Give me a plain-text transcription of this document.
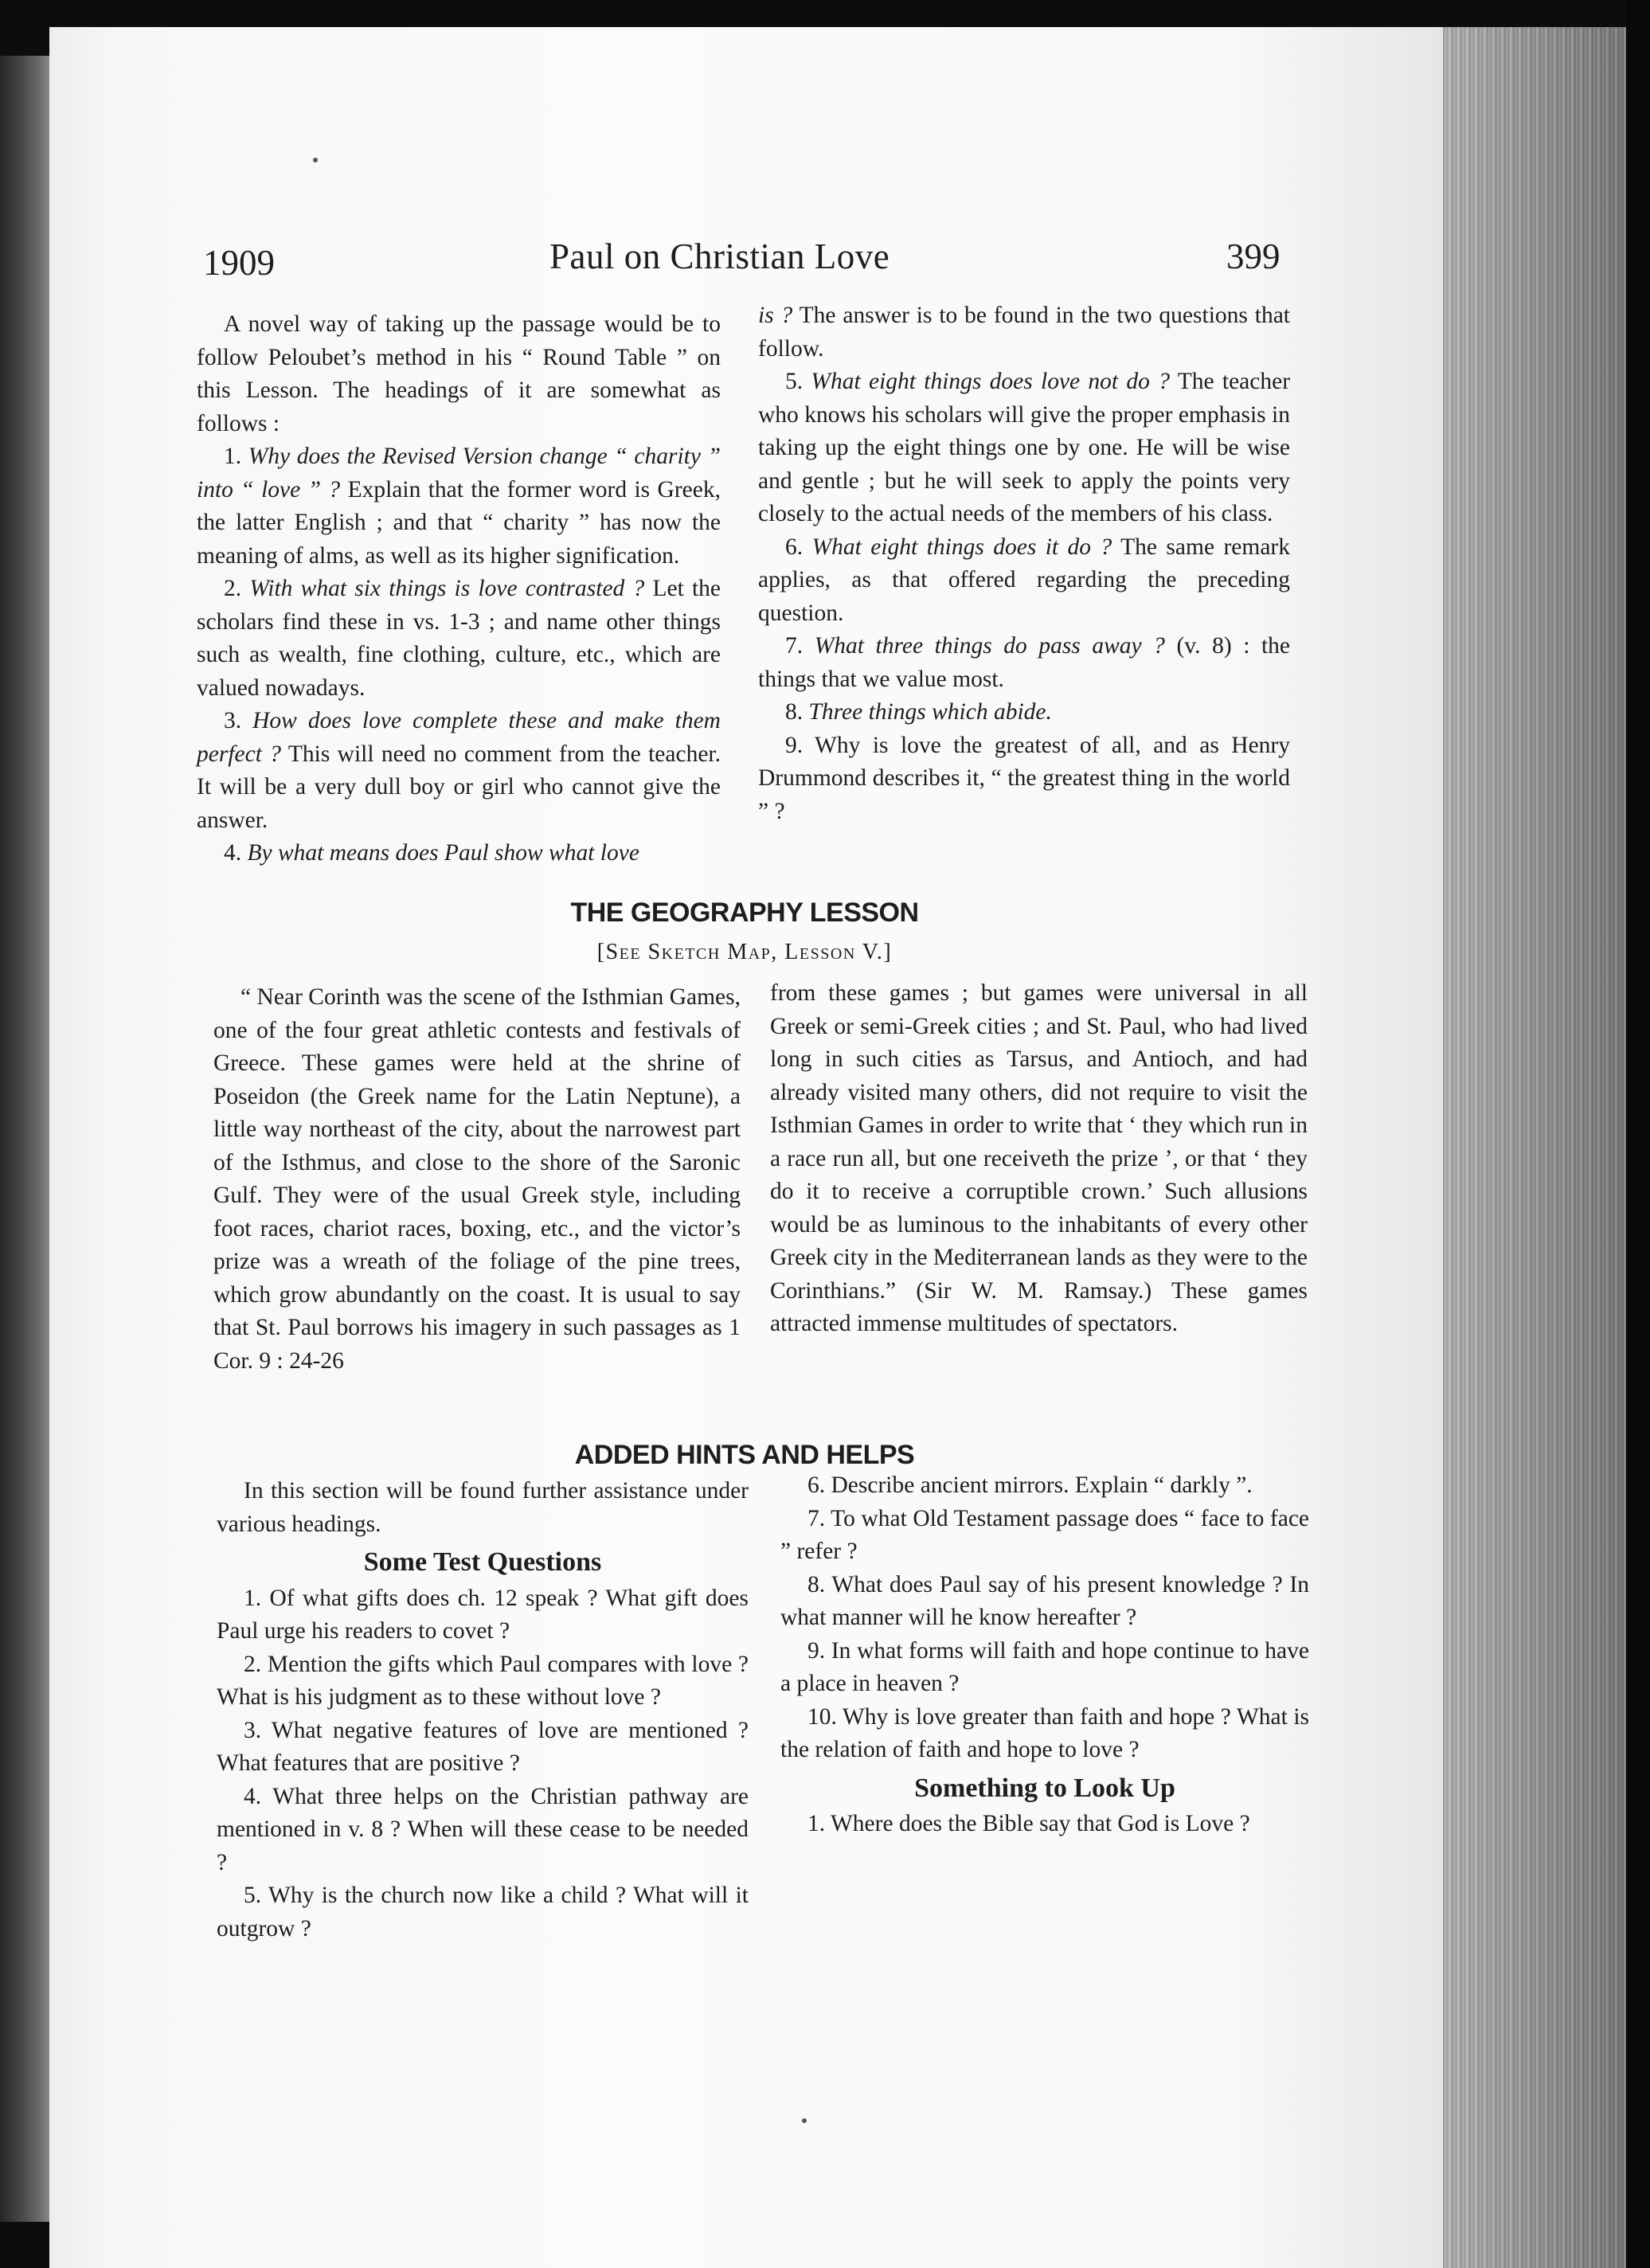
1909	Paul on Christian Love	399

A novel way of taking up the passage would be to follow Peloubet’s method in his “ Round Table ” on this Lesson. The headings of it are somewhat as follows :

1. Why does the Revised Version change “ charity ” into “ love ” ? Explain that the former word is Greek, the latter English ; and that “ charity ” has now the meaning of alms, as well as its higher signification.

2. With what six things is love contrasted ? Let the scholars find these in vs. 1-3 ; and name other things such as wealth, fine clothing, culture, etc., which are valued nowadays.

3. How does love complete these and make them perfect ? This will need no comment from the teacher. It will be a very dull boy or girl who cannot give the answer.

4. By what means does Paul show what love

is ? The answer is to be found in the two questions that follow.

5. What eight things does love not do ? The teacher who knows his scholars will give the proper emphasis in taking up the eight things one by one. He will be wise and gentle ; but he will seek to apply the points very closely to the actual needs of the members of his class.

6. What eight things does it do ? The same remark applies, as that offered regarding the preceding question.

7. What three things do pass away ? (v. 8) : the things that we value most.

8. Three things which abide.

9. Why is love the greatest of all, and as Henry Drummond describes it, “ the greatest thing in the world ” ?

THE GEOGRAPHY LESSON
[See Sketch Map, Lesson V.]

“ Near Corinth was the scene of the Isthmian Games, one of the four great athletic contests and festivals of Greece. These games were held at the shrine of Poseidon (the Greek name for the Latin Neptune), a little way northeast of the city, about the narrowest part of the Isthmus, and close to the shore of the Saronic Gulf. They were of the usual Greek style, including foot races, chariot races, boxing, etc., and the victor’s prize was a wreath of the foliage of the pine trees, which grow abundantly on the coast. It is usual to say that St. Paul borrows his imagery in such passages as 1 Cor. 9 : 24-26

from these games ; but games were universal in all Greek or semi-Greek cities ; and St. Paul, who had lived long in such cities as Tarsus, and Antioch, and had already visited many others, did not require to visit the Isthmian Games in order to write that ‘ they which run in a race run all, but one receiveth the prize ’, or that ‘ they do it to receive a corruptible crown.’ Such allusions would be as luminous to the inhabitants of every other Greek city in the Mediterranean lands as they were to the Corinthians.” (Sir W. M. Ramsay.) These games attracted immense multitudes of spectators.

ADDED HINTS AND HELPS

In this section will be found further assistance under various headings.

Some Test Questions

1. Of what gifts does ch. 12 speak ? What gift does Paul urge his readers to covet ?

2. Mention the gifts which Paul compares with love ? What is his judgment as to these without love ?

3. What negative features of love are mentioned ? What features that are positive ?

4. What three helps on the Christian pathway are mentioned in v. 8 ? When will these cease to be needed ?

5. Why is the church now like a child ? What will it outgrow ?

6. Describe ancient mirrors. Explain “ darkly ”.

7. To what Old Testament passage does “ face to face ” refer ?

8. What does Paul say of his present knowledge ? In what manner will he know hereafter ?

9. In what forms will faith and hope continue to have a place in heaven ?

10. Why is love greater than faith and hope ? What is the relation of faith and hope to love ?

Something to Look Up

1. Where does the Bible say that God is Love ?
